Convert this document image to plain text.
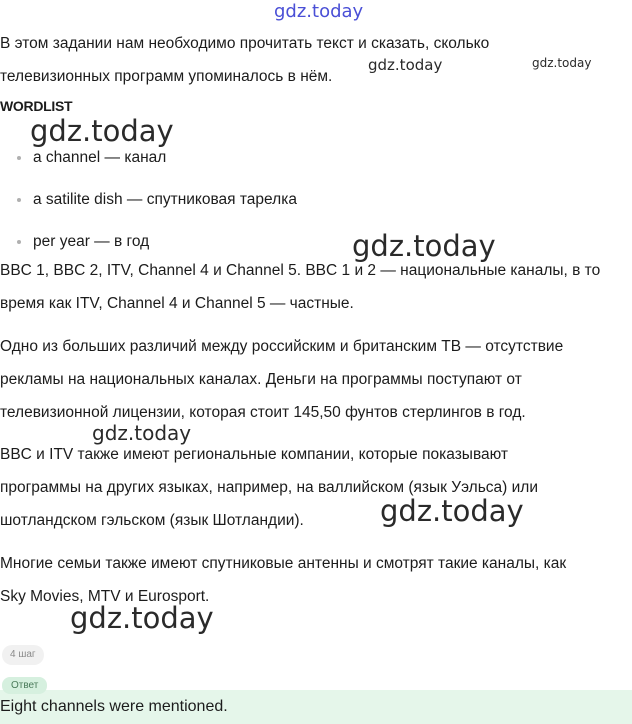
gdz.today
gdz.today	gdz.today
gdz.today
gdz.today
gdz.today
gdz.today
gdz.today
В этом задании нам необходимо прочитать текст и сказать, сколько
телевизионных программ упоминалось в нём.
WORDLIST
a channel — канал
a satilite dish — спутниковая тарелка
per year — в год
BBC 1, BBC 2, ITV, Channel 4 и Channel 5. BBC 1 и 2 — национальные каналы, в то
время как ITV, Channel 4 и Channel 5 — частные.
Одно из больших различий между российским и британским ТВ — отсутствие
рекламы на национальных каналах. Деньги на программы поступают от
телевизионной лицензии, которая стоит 145,50 фунтов стерлингов в год.
BBC и ITV также имеют региональные компании, которые показывают
программы на других языках, например, на валлийском (язык Уэльса) или
шотландском гэльском (язык Шотландии).
Многие семьи также имеют спутниковые антенны и смотрят такие каналы, как
Sky Movies, MTV и Eurosport.
4 шаг
Ответ
Eight channels were mentioned.
